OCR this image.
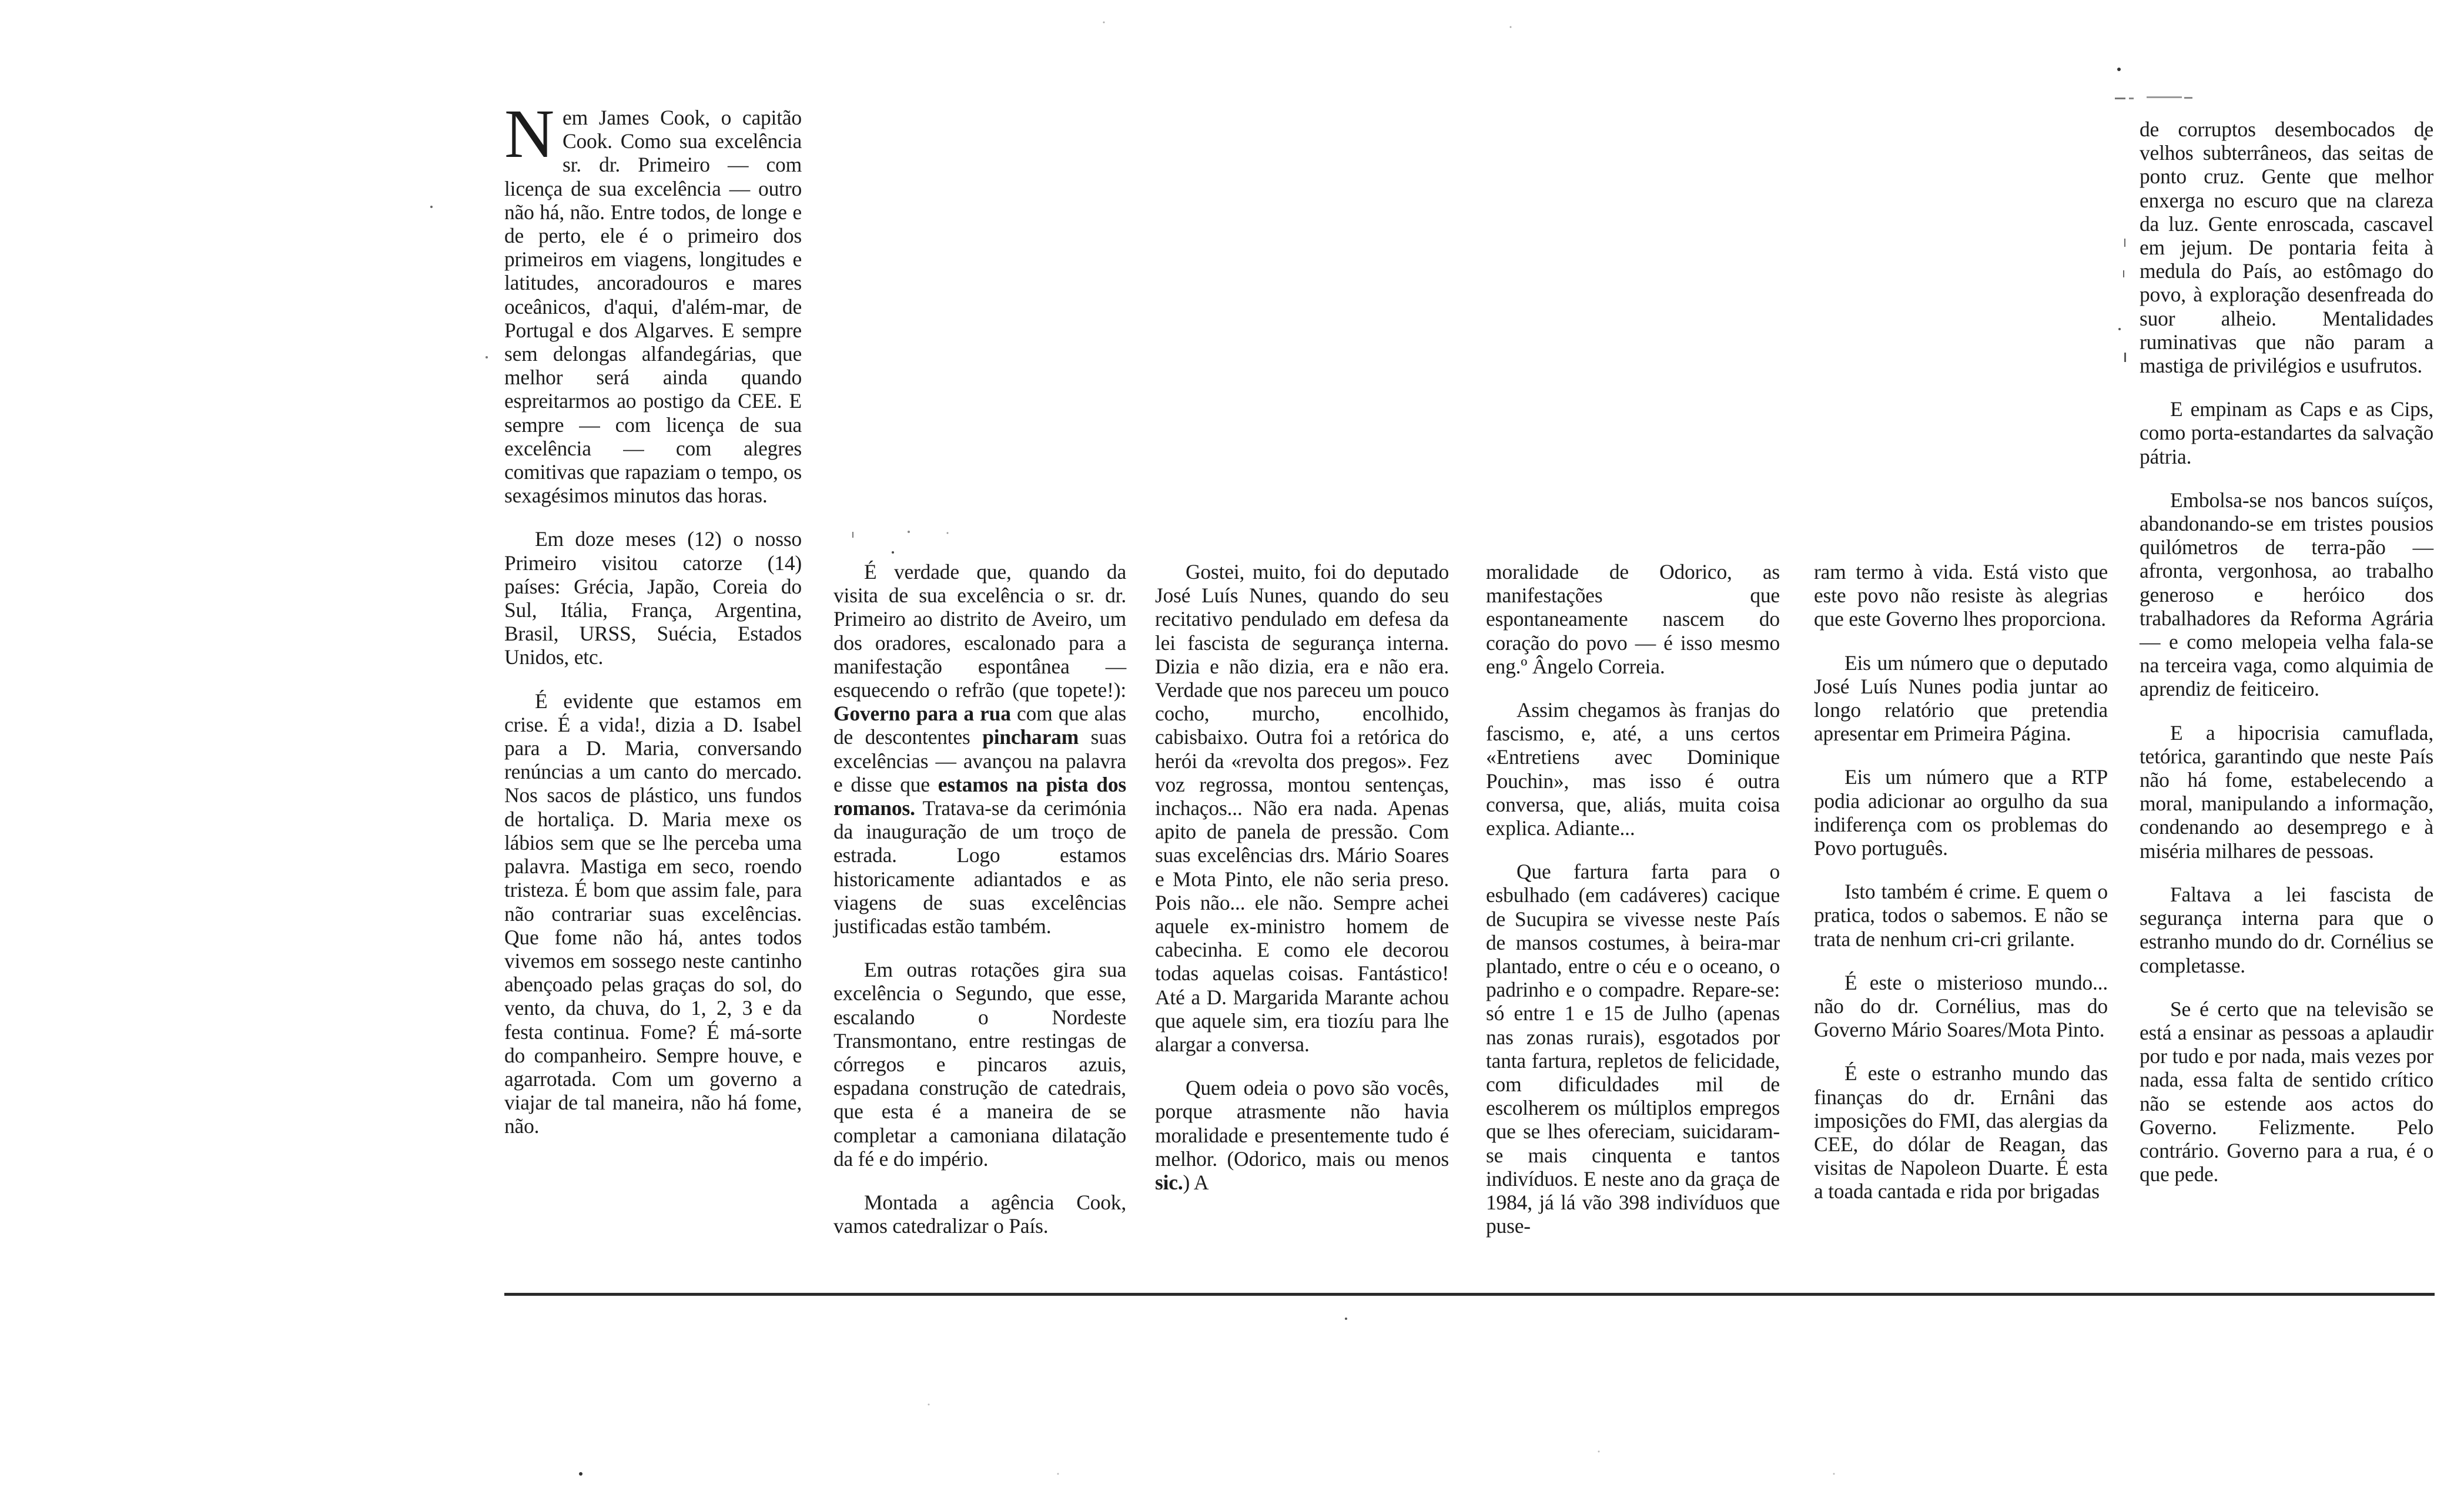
Nem James Cook, o capitão Cook. Como sua excelência sr. dr. Primeiro — com licença de sua excelência — outro não há, não. Entre todos, de longe e de perto, ele é o primeiro dos primeiros em viagens, longitudes e latitudes, ancoradouros e mares oceânicos, d'aqui, d'além-mar, de Portugal e dos Algarves. E sempre sem delongas alfandegárias, que melhor será ainda quando espreitarmos ao postigo da CEE. E sempre — com licença de sua excelência — com alegres comitivas que rapaziam o tempo, os sexagésimos minutos das horas.

Em doze meses (12) o nosso Primeiro visitou catorze (14) países: Grécia, Japão, Coreia do Sul, Itália, França, Argentina, Brasil, URSS, Suécia, Estados Unidos, etc.

É evidente que estamos em crise. É a vida!, dizia a D. Isabel para a D. Maria, conversando renúncias a um canto do mercado. Nos sacos de plástico, uns fundos de hortaliça. D. Maria mexe os lábios sem que se lhe perceba uma palavra. Mastiga em seco, roendo tristeza. É bom que assim fale, para não contrariar suas excelências. Que fome não há, antes todos vivemos em sossego neste cantinho abençoado pelas graças do sol, do vento, da chuva, do 1, 2, 3 e da festa continua. Fome? É má-sorte do companheiro. Sempre houve, e agarrotada. Com um governo a viajar de tal maneira, não há fome, não.

É verdade que, quando da visita de sua excelência o sr. dr. Primeiro ao distrito de Aveiro, um dos oradores, escalonado para a manifestação espontânea — esquecendo o refrão (que topete!): Governo para a rua com que alas de descontentes pincharam suas excelências — avançou na palavra e disse que estamos na pista dos romanos. Tratava-se da cerimónia da inauguração de um troço de estrada. Logo estamos historicamente adiantados e as viagens de suas excelências justificadas estão também.

Em outras rotações gira sua excelência o Segundo, que esse, escalando o Nordeste Transmontano, entre restingas de córregos e pincaros azuis, espadana construção de catedrais, que esta é a maneira de se completar a camoniana dilatação da fé e do império.

Montada a agência Cook, vamos catedralizar o País.

Gostei, muito, foi do deputado José Luís Nunes, quando do seu recitativo pendulado em defesa da lei fascista de segurança interna. Dizia e não dizia, era e não era. Verdade que nos pareceu um pouco cocho, murcho, encolhido, cabisbaixo. Outra foi a retórica do herói da «revolta dos pregos». Fez voz regrossa, montou sentenças, inchaços... Não era nada. Apenas apito de panela de pressão. Com suas excelências drs. Mário Soares e Mota Pinto, ele não seria preso. Pois não... ele não. Sempre achei aquele ex-ministro homem de cabecinha. E como ele decorou todas aquelas coisas. Fantástico! Até a D. Margarida Marante achou que aquele sim, era tiozíu para lhe alargar a conversa.

Quem odeia o povo são vocês, porque atrasmente não havia moralidade e presentemente tudo é melhor. (Odorico, mais ou menos sic.) A

moralidade de Odorico, as manifestações que espontaneamente nascem do coração do povo — é isso mesmo eng.º Ângelo Correia.

Assim chegamos às franjas do fascismo, e, até, a uns certos «Entretiens avec Dominique Pouchin», mas isso é outra conversa, que, aliás, muita coisa explica. Adiante...

Que fartura farta para o esbulhado (em cadáveres) cacique de Sucupira se vivesse neste País de mansos costumes, à beira-mar plantado, entre o céu e o oceano, o padrinho e o compadre. Repare-se: só entre 1 e 15 de Julho (apenas nas zonas rurais), esgotados por tanta fartura, repletos de felicidade, com dificuldades mil de escolherem os múltiplos empregos que se lhes ofereciam, suicidaram-se mais cinquenta e tantos indivíduos. E neste ano da graça de 1984, já lá vão 398 indivíduos que puse-

ram termo à vida. Está visto que este povo não resiste às alegrias que este Governo lhes proporciona.

Eis um número que o deputado José Luís Nunes podia juntar ao longo relatório que pretendia apresentar em Primeira Página.

Eis um número que a RTP podia adicionar ao orgulho da sua indiferença com os problemas do Povo português.

Isto também é crime. E quem o pratica, todos o sabemos. E não se trata de nenhum cri-cri grilante.

É este o misterioso mundo... não do dr. Cornélius, mas do Governo Mário Soares/Mota Pinto.

É este o estranho mundo das finanças do dr. Ernâni das imposições do FMI, das alergias da CEE, do dólar de Reagan, das visitas de Napoleon Duarte. É esta a toada cantada e rida por brigadas

de corruptos desembocados de velhos subterrâneos, das seitas de ponto cruz. Gente que melhor enxerga no escuro que na clareza da luz. Gente enroscada, cascavel em jejum. De pontaria feita à medula do País, ao estômago do povo, à exploração desenfreada do suor alheio. Mentalidades ruminativas que não param a mastiga de privilégios e usufrutos.

E empinam as Caps e as Cips, como porta-estandartes da salvação pátria.

Embolsa-se nos bancos suíços, abandonando-se em tristes pousios quilómetros de terra-pão — afronta, vergonhosa, ao trabalho generoso e heróico dos trabalhadores da Reforma Agrária — e como melopeia velha fala-se na terceira vaga, como alquimia de aprendiz de feiticeiro.

E a hipocrisia camuflada, tetórica, garantindo que neste País não há fome, estabelecendo a moral, manipulando a informação, condenando ao desemprego e à miséria milhares de pessoas.

Faltava a lei fascista de segurança interna para que o estranho mundo do dr. Cornélius se completasse.

Se é certo que na televisão se está a ensinar as pessoas a aplaudir por tudo e por nada, mais vezes por nada, essa falta de sentido crítico não se estende aos actos do Governo. Felizmente. Pelo contrário. Governo para a rua, é o que pede.
